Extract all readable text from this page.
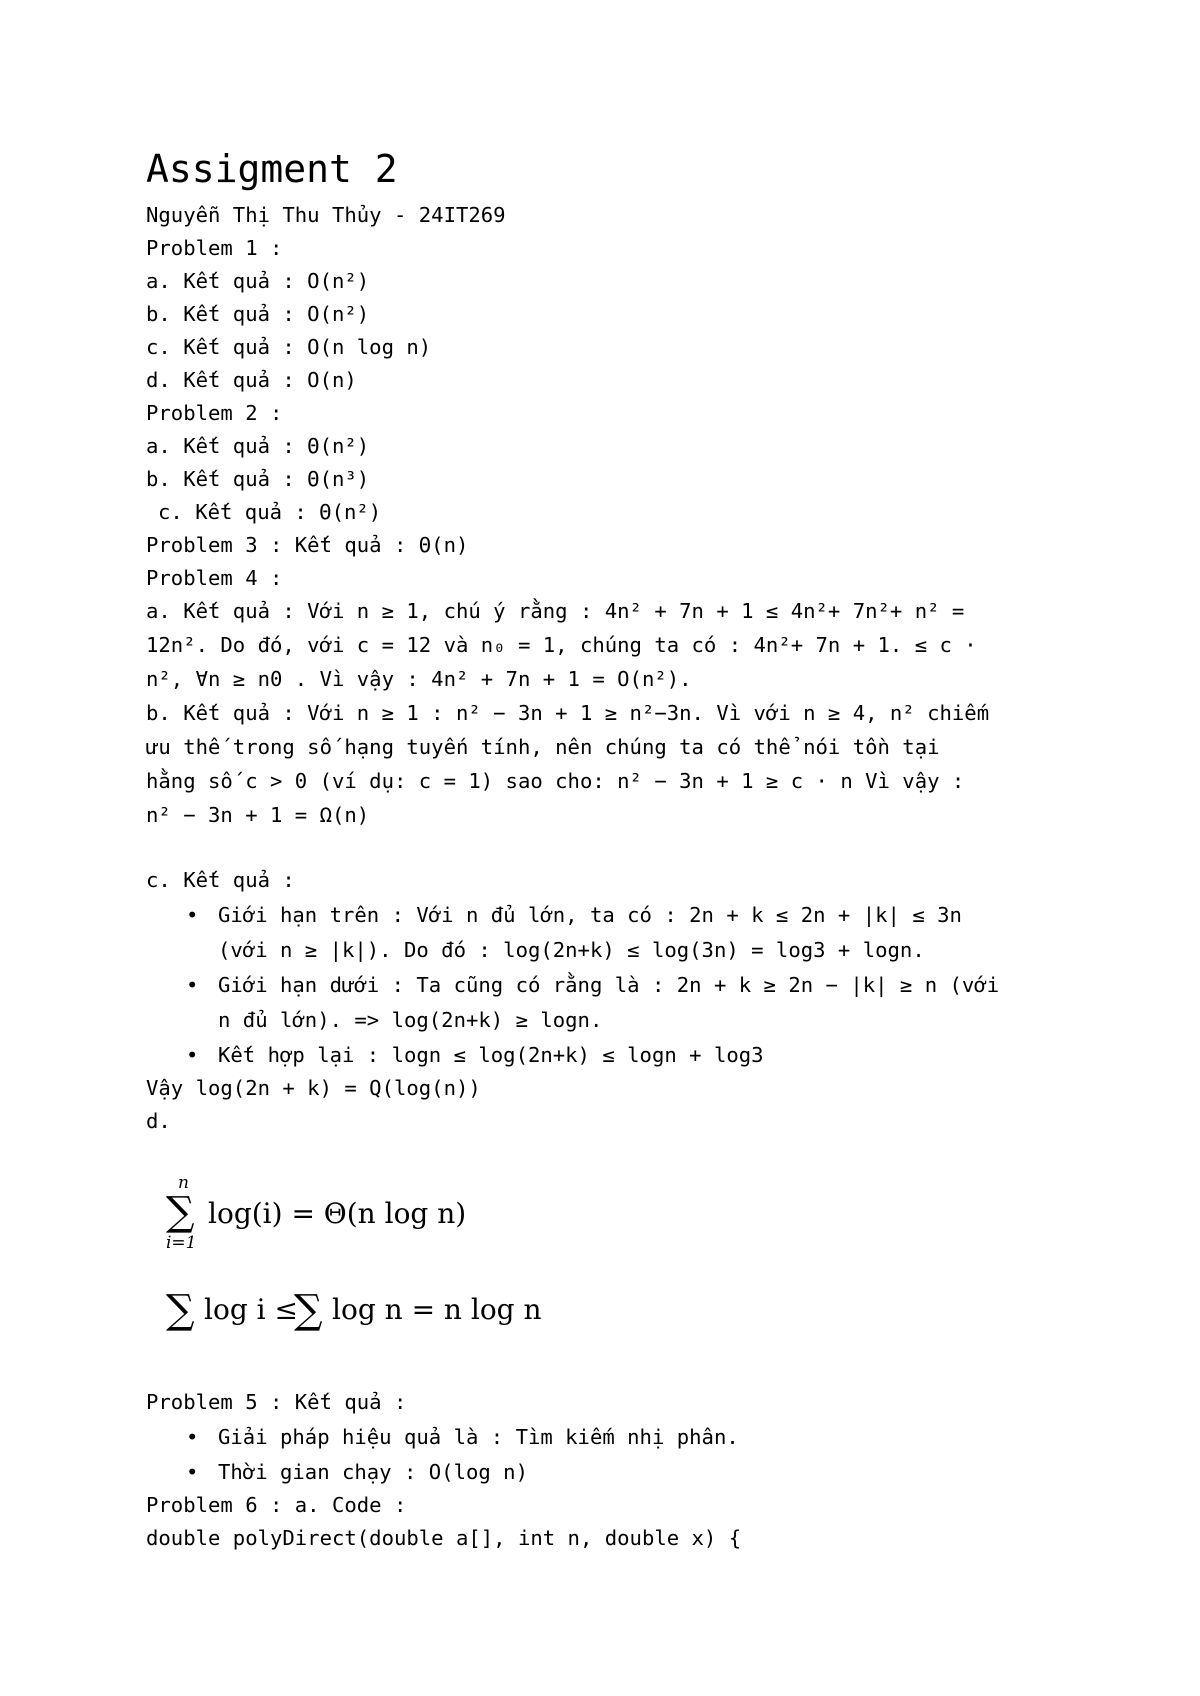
Assigment 2
Nguyễn Thị Thu Thủy - 24IT269
Problem 1 :
a. Kết quả : O(n²)
b. Kết quả : O(n²)
c. Kết quả : O(n log n)
d. Kết quả : O(n)
Problem 2 :
a. Kết quả : Θ(n²)
b. Kết quả : Θ(n³)
c. Kết quả : Θ(n²)
Problem 3 : Kết quả : Θ(n)
Problem 4 :
a. Kết quả : Với n ≥ 1, chú ý rằng : 4n² + 7n + 1 ≤ 4n²+ 7n²+ n² =
12n². Do đó, với c = 12 và n₀ = 1, chúng ta có : 4n²+ 7n + 1. ≤ c ·
n², ∀n ≥ n0 . Vì vậy : 4n² + 7n + 1 = O(n²).
b. Kết quả : Với n ≥ 1 : n² − 3n + 1 ≥ n²−3n. Vì với n ≥ 4, n² chiếm
ưu thế trong số hạng tuyến tính, nên chúng ta có thể nói tồn tại
hằng số c > 0 (ví dụ: c = 1) sao cho: n² − 3n + 1 ≥ c · n Vì vậy :
n² − 3n + 1 = Ω(n)
c. Kết quả :
• Giới hạn trên : Với n đủ lớn, ta có : 2n + k ≤ 2n + |k| ≤ 3n
(với n ≥ |k|). Do đó : log(2n+k) ≤ log(3n) = log3 + logn.
• Giới hạn dưới : Ta cũng có rằng là : 2n + k ≥ 2n − |k| ≥ n (với
n đủ lớn). => log(2n+k) ≥ logn.
• Kết hợp lại : logn ≤ log(2n+k) ≤ logn + log3
Vậy log(2n + k) = Q(log(n))
d.
n
∑
i=1
log(i) = Θ(n log n)
∑ log i ≤
∑ log n = n log n
Problem 5 : Kết quả :
• Giải pháp hiệu quả là : Tìm kiếm nhị phân.
• Thời gian chạy : O(log n)
Problem 6 : a. Code :
double polyDirect(double a[], int n, double x) {
